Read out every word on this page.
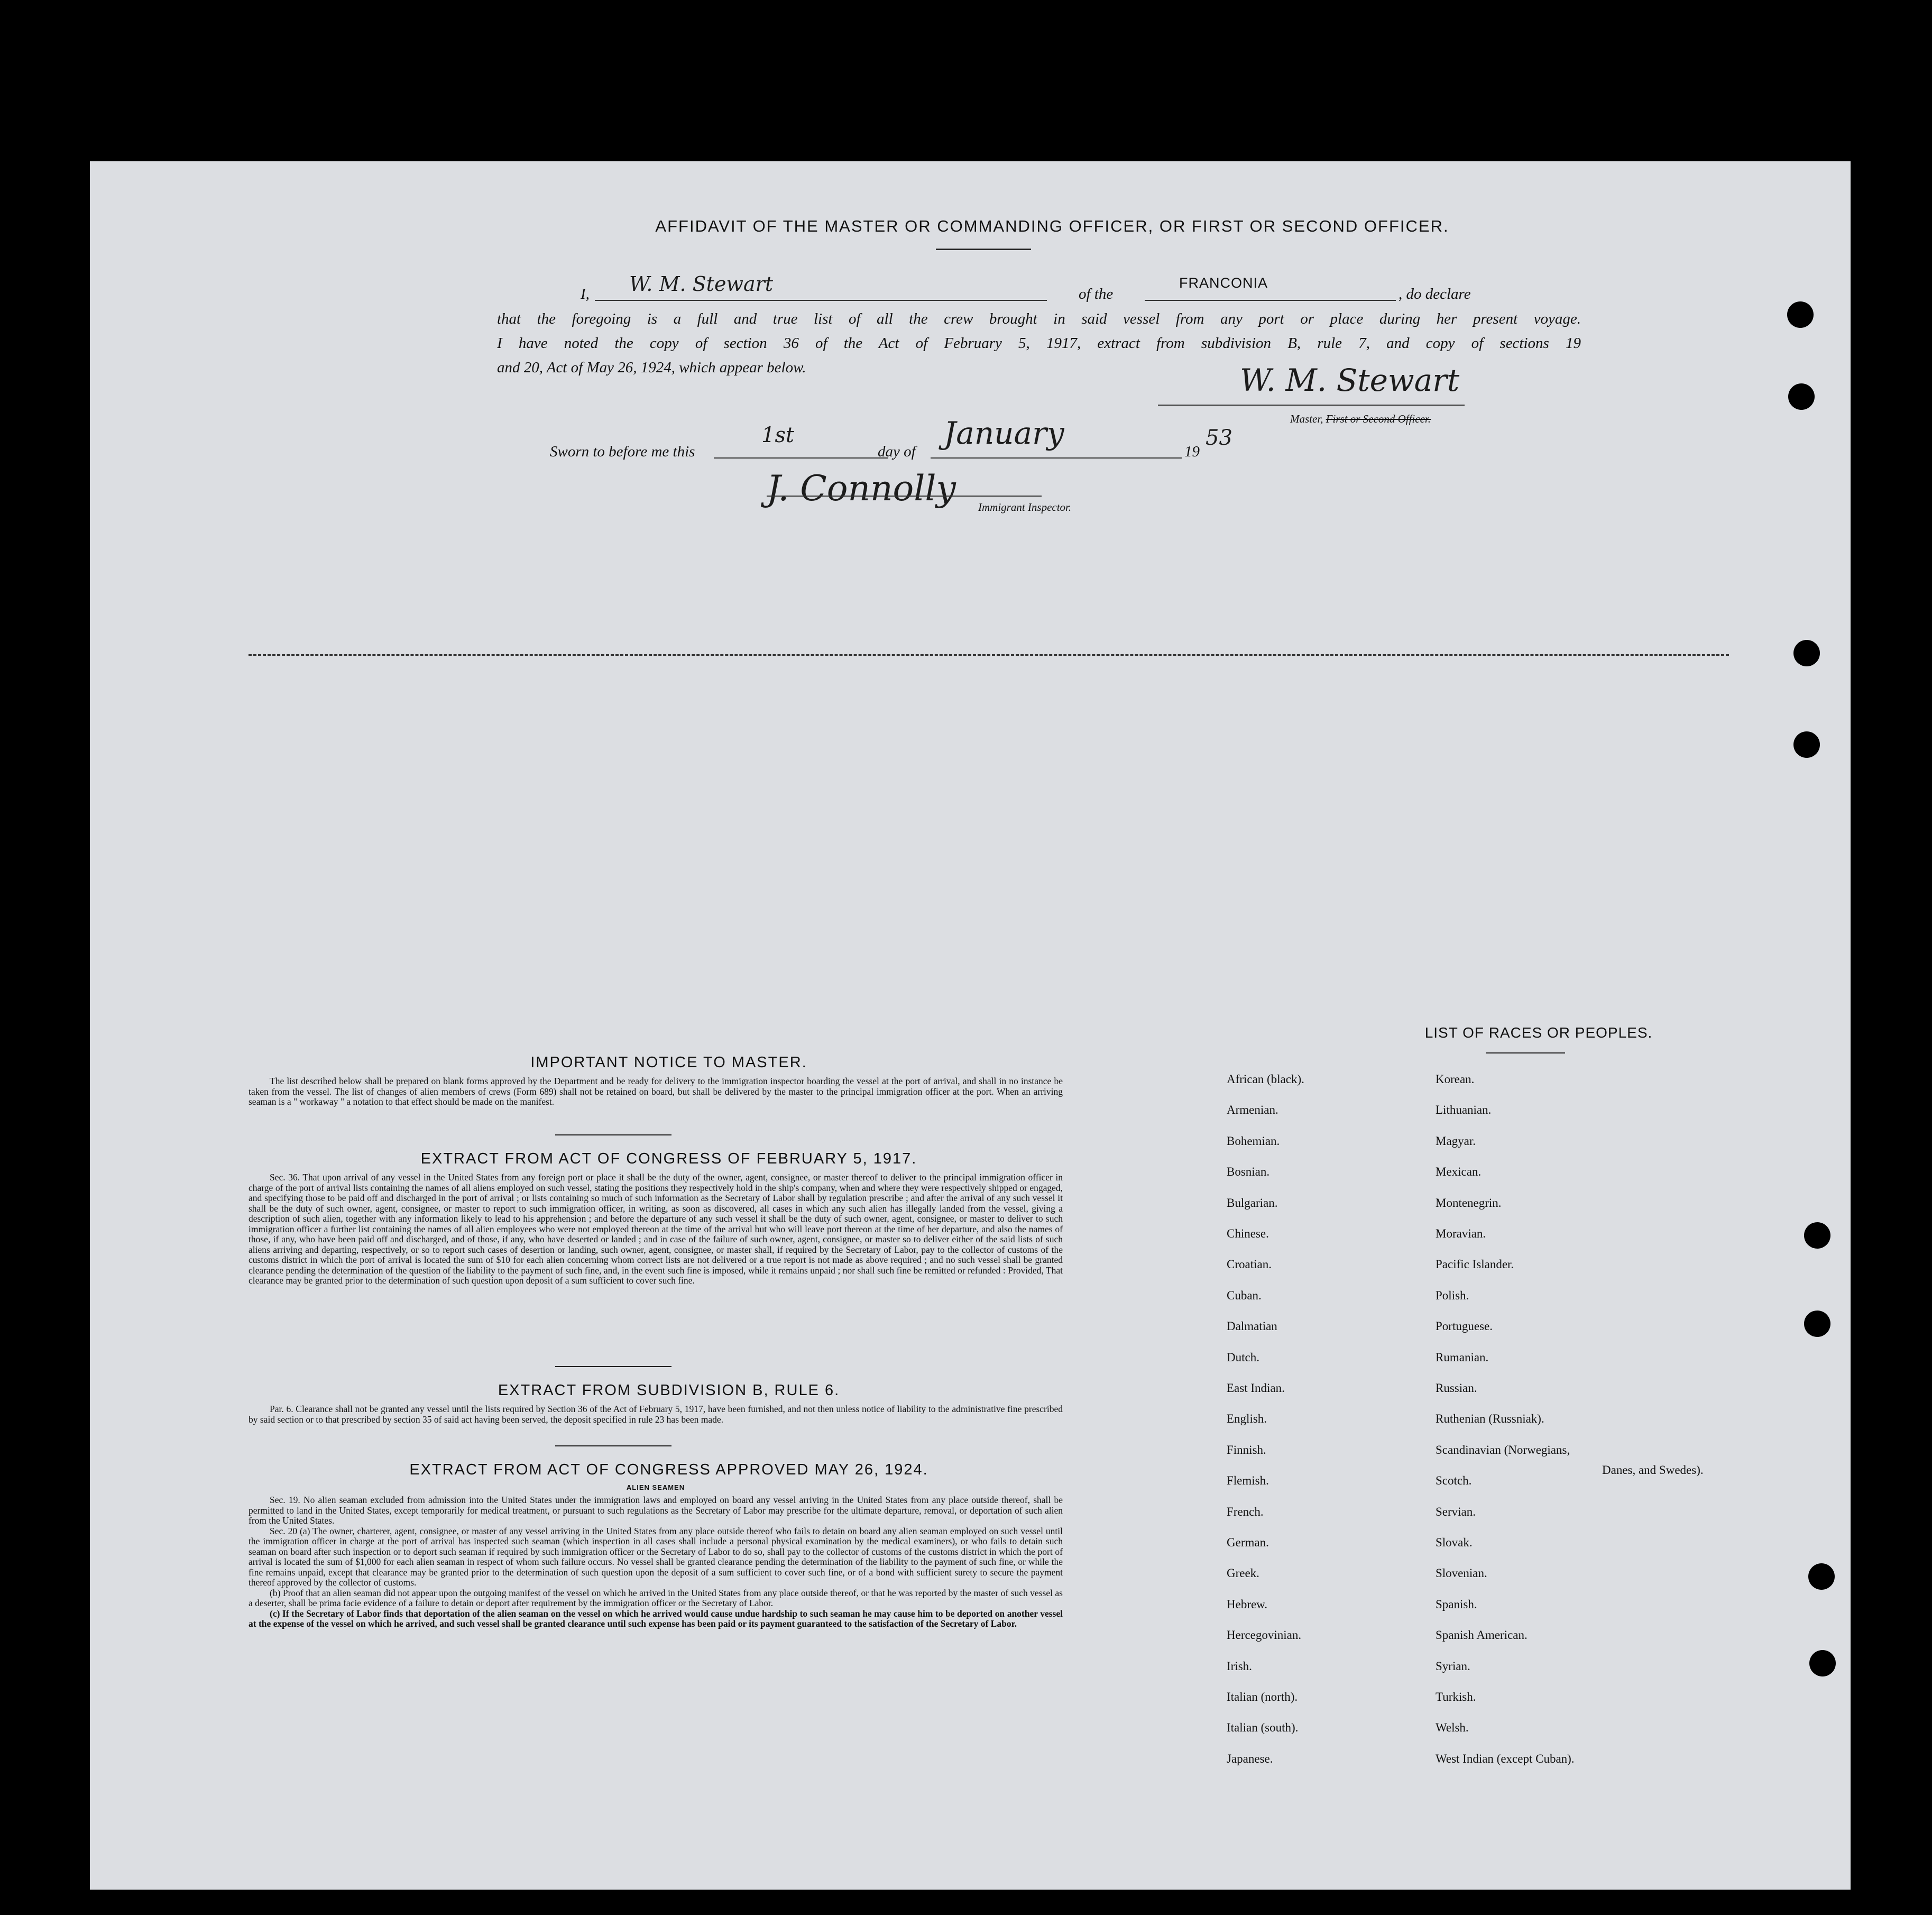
AFFIDAVIT OF THE MASTER OR COMMANDING OFFICER, OR FIRST OR SECOND OFFICER.
I, W. M. Stewart	of the
FRANCONIA
, do declare
that the foregoing is a full and true list of all the crew brought in said vessel from any port or place during her present voyage.
I have noted the copy of section 36 of the Act of February 5, 1917, extract from subdivision B, rule 7, and copy of sections 19
and 20, Act of May 26, 1924, which appear below.	W. M. Stewart
Master, First or Second Officer.
Sworn to before me this
1st
day of
January
19
53
J. Connolly Immigrant Inspector.
IMPORTANT NOTICE TO MASTER.

The list described below shall be prepared on blank forms approved by the Department and be ready for delivery to the immigration inspector boarding the vessel at the port of arrival, and shall in no instance be taken from the vessel. The list of changes of alien members of crews (Form 689) shall not be retained on board, but shall be delivered by the master to the principal immigration officer at the port. When an arriving seaman is a " workaway " a notation to that effect should be made on the manifest.

EXTRACT FROM ACT OF CONGRESS OF FEBRUARY 5, 1917.

Sec. 36. That upon arrival of any vessel in the United States from any foreign port or place it shall be the duty of the owner, agent, consignee, or master thereof to deliver to the principal immigration officer in charge of the port of arrival lists containing the names of all aliens employed on such vessel, stating the positions they respectively hold in the ship's company, when and where they were respectively shipped or engaged, and specifying those to be paid off and discharged in the port of arrival ; or lists containing so much of such information as the Secretary of Labor shall by regulation prescribe ; and after the arrival of any such vessel it shall be the duty of such owner, agent, consignee, or master to report to such immigration officer, in writing, as soon as discovered, all cases in which any such alien has illegally landed from the vessel, giving a description of such alien, together with any information likely to lead to his apprehension ; and before the departure of any such vessel it shall be the duty of such owner, agent, consignee, or master to deliver to such immigration officer a further list containing the names of all alien employees who were not employed thereon at the time of the arrival but who will leave port thereon at the time of her departure, and also the names of those, if any, who have been paid off and discharged, and of those, if any, who have deserted or landed ; and in case of the failure of such owner, agent, consignee, or master so to deliver either of the said lists of such aliens arriving and departing, respectively, or so to report such cases of desertion or landing, such owner, agent, consignee, or master shall, if required by the Secretary of Labor, pay to the collector of customs of the customs district in which the port of arrival is located the sum of $10 for each alien concerning whom correct lists are not delivered or a true report is not made as above required ; and no such vessel shall be granted clearance pending the determination of the question of the liability to the payment of such fine, and, in the event such fine is imposed, while it remains unpaid ; nor shall such fine be remitted or refunded : Provided, That clearance may be granted prior to the determination of such question upon deposit of a sum sufficient to cover such fine.

EXTRACT FROM SUBDIVISION B, RULE 6.

Par. 6. Clearance shall not be granted any vessel until the lists required by Section 36 of the Act of February 5, 1917, have been furnished, and not then unless notice of liability to the administrative fine prescribed by said section or to that prescribed by section 35 of said act having been served, the deposit specified in rule 23 has been made.

EXTRACT FROM ACT OF CONGRESS APPROVED MAY 26, 1924.
ALIEN SEAMEN

Sec. 19. No alien seaman excluded from admission into the United States under the immigration laws and employed on board any vessel arriving in the United States from any place outside thereof, shall be permitted to land in the United States, except temporarily for medical treatment, or pursuant to such regulations as the Secretary of Labor may prescribe for the ultimate departure, removal, or deportation of such alien from the United States.

Sec. 20 (a) The owner, charterer, agent, consignee, or master of any vessel arriving in the United States from any place outside thereof who fails to detain on board any alien seaman employed on such vessel until the immigration officer in charge at the port of arrival has inspected such seaman (which inspection in all cases shall include a personal physical examination by the medical examiners), or who fails to detain such seaman on board after such inspection or to deport such seaman if required by such immigration officer or the Secretary of Labor to do so, shall pay to the collector of customs of the customs district in which the port of arrival is located the sum of $1,000 for each alien seaman in respect of whom such failure occurs. No vessel shall be granted clearance pending the determination of the liability to the payment of such fine, or while the fine remains unpaid, except that clearance may be granted prior to the determination of such question upon the deposit of a sum sufficient to cover such fine, or of a bond with sufficient surety to secure the payment thereof approved by the collector of customs.

(b) Proof that an alien seaman did not appear upon the outgoing manifest of the vessel on which he arrived in the United States from any place outside thereof, or that he was reported by the master of such vessel as a deserter, shall be prima facie evidence of a failure to detain or deport after requirement by the immigration officer or the Secretary of Labor.

(c) If the Secretary of Labor finds that deportation of the alien seaman on the vessel on which he arrived would cause undue hardship to such seaman he may cause him to be deported on another vessel at the expense of the vessel on which he arrived, and such vessel shall be granted clearance until such expense has been paid or its payment guaranteed to the satisfaction of the Secretary of Labor.

LIST OF RACES OR PEOPLES.
African (black).
Armenian.
Bohemian.
Bosnian.
Bulgarian.
Chinese.
Croatian.
Cuban.
Dalmatian
Dutch.
East Indian.
English.
Finnish.
Flemish.
French.
German.
Greek.
Hebrew.
Hercegovinian.
Irish.
Italian (north).
Italian (south).
Japanese.
Korean.
Lithuanian.
Magyar.
Mexican.
Montenegrin.
Moravian.
Pacific Islander.
Polish.
Portuguese.
Rumanian.
Russian.
Ruthenian (Russniak).
Scandinavian (Norwegians,
Scotch.
Servian.
Slovak.
Slovenian.
Spanish.
Spanish American.
Syrian.
Turkish.
Welsh.
West Indian (except Cuban).
Danes, and Swedes).
